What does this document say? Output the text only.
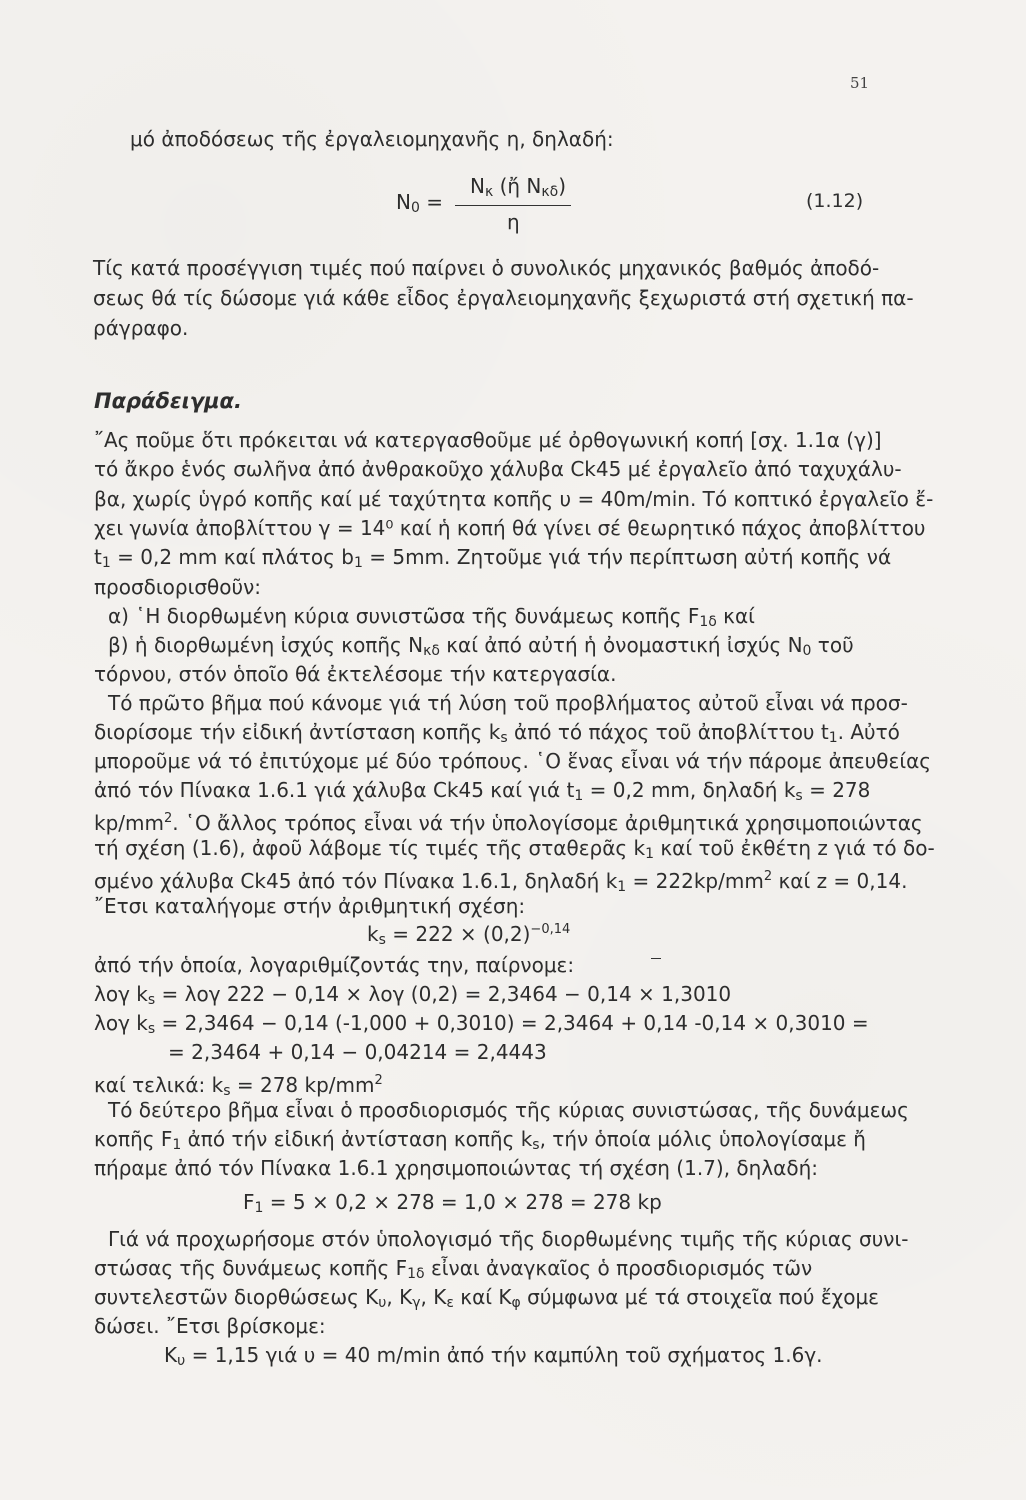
51
μό ἀποδόσεως τῆς ἐργαλειομηχανῆς η, δηλαδή:
N0 =
Nκ (ἤ Nκδ)
η
(1.12)
Τίς κατά προσέγγιση τιμές πού παίρνει ὁ συνολικός μηχανικός βαθμός ἀποδό-
σεως θά τίς δώσομε γιά κάθε εἶδος ἐργαλειομηχανῆς ξεχωριστά στή σχετική πα-
ράγραφο.
Παράδειγμα.
῎Ας ποῦμε ὅτι πρόκειται νά κατεργασθοῦμε μέ ὀρθογωνική κοπή [σχ. 1.1α (γ)]
τό ἄκρο ἑνός σωλῆνα ἀπό ἀνθρακοῦχο χάλυβα Ck45 μέ ἐργαλεῖο ἀπό ταχυχάλυ-
βα, χωρίς ὑγρό κοπῆς καί μέ ταχύτητα κοπῆς υ = 40m/min. Τό κοπτικό ἐργαλεῖο ἔ-
χει γωνία ἀποβλίττου γ = 14⁰ καί ἡ κοπή θά γίνει σέ θεωρητικό πάχος ἀποβλίττου
t1 = 0,2 mm καί πλάτος b1 = 5mm. Ζητοῦμε γιά τήν περίπτωση αὐτή κοπῆς νά
προσδιορισθοῦν:
α) ῾Η διορθωμένη κύρια συνιστῶσα τῆς δυνάμεως κοπῆς F1δ καί
β) ἡ διορθωμένη ἰσχύς κοπῆς Nκδ καί ἀπό αὐτή ἡ ὀνομαστική ἰσχύς N0 τοῦ
τόρνου, στόν ὁποῖο θά ἐκτελέσομε τήν κατεργασία.
Τό πρῶτο βῆμα πού κάνομε γιά τή λύση τοῦ προβλήματος αὐτοῦ εἶναι νά προσ-
διορίσομε τήν εἰδική ἀντίσταση κοπῆς ks ἀπό τό πάχος τοῦ ἀποβλίττου t1. Αὐτό
μποροῦμε νά τό ἐπιτύχομε μέ δύο τρόπους. ῾Ο ἕνας εἶναι νά τήν πάρομε ἀπευθείας
ἀπό τόν Πίνακα 1.6.1 γιά χάλυβα Ck45 καί γιά t1 = 0,2 mm, δηλαδή ks = 278
$kp/mm^2$. ῾Ο ἄλλος τρόπος εἶναι νά τήν ὑπολογίσομε ἀριθμητικά χρησιμοποιώντας
τή σχέση (1.6), ἀφοῦ λάβομε τίς τιμές τῆς σταθερᾶς k1 καί τοῦ ἐκθέτη z γιά τό δο-
σμένο χάλυβα Ck45 ἀπό τόν Πίνακα 1.6.1, δηλαδή $k1 = 222kp/mm^2$ καί z = 0,14.
῎Ετσι καταλήγομε στήν ἀριθμητική σχέση:
ks = $222 \times (0,2)^{-0,14}$
ἀπό τήν ὁποία, λογαριθμίζοντάς την, παίρνομε:
λογ ks = λογ 222 − 0,14 × λογ (0,2) = 2,3464 − 0,14 × 1,3010
λογ ks = 2,3464 − 0,14 (-1,000 + 0,3010) = 2,3464 + 0,14 -0,14 × 0,3010 =
= 2,3464 + 0,14 − 0,04214 = 2,4443
καί τελικά: ks = 278 $kp/mm^2$
Τό δεύτερο βῆμα εἶναι ὁ προσδιορισμός τῆς κύριας συνιστώσας, τῆς δυνάμεως
κοπῆς F1 ἀπό τήν εἰδική ἀντίσταση κοπῆς ks, τήν ὁποία μόλις ὑπολογίσαμε ἤ
πήραμε ἀπό τόν Πίνακα 1.6.1 χρησιμοποιώντας τή σχέση (1.7), δηλαδή:
F1 = 5 × 0,2 × 278 = 1,0 × 278 = 278 kp
Γιά νά προχωρήσομε στόν ὑπολογισμό τῆς διορθωμένης τιμῆς τῆς κύριας συνι-
στώσας τῆς δυνάμεως κοπῆς F1δ εἶναι ἀναγκαῖος ὁ προσδιορισμός τῶν
συντελεστῶν διορθώσεως Kυ, Kγ, Kε καί Kφ σύμφωνα μέ τά στοιχεῖα πού ἔχομε
δώσει. ῎Ετσι βρίσκομε:
Kυ = 1,15 γιά υ = 40 m/min ἀπό τήν καμπύλη τοῦ σχήματος 1.6γ.
